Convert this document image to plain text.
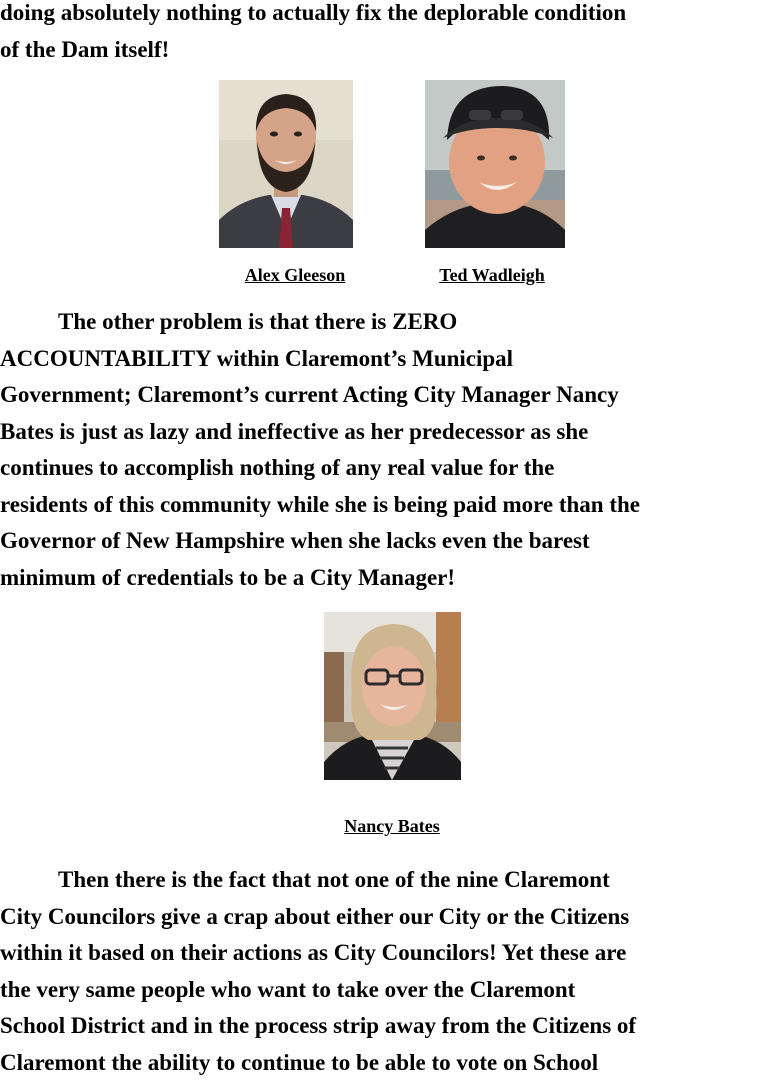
doing absolutely nothing to actually fix the deplorable condition
of the Dam itself!
Alex Gleeson	Ted Wadleigh
The other problem is that there is ZERO
ACCOUNTABILITY within Claremont’s Municipal
Government; Claremont’s current Acting City Manager Nancy
Bates is just as lazy and ineffective as her predecessor as she
continues to accomplish nothing of any real value for the
residents of this community while she is being paid more than the
Governor of New Hampshire when she lacks even the barest
minimum of credentials to be a City Manager!
Nancy Bates
Then there is the fact that not one of the nine Claremont
City Councilors give a crap about either our City or the Citizens
within it based on their actions as City Councilors! Yet these are
the very same people who want to take over the Claremont
School District and in the process strip away from the Citizens of
Claremont the ability to continue to be able to vote on School
